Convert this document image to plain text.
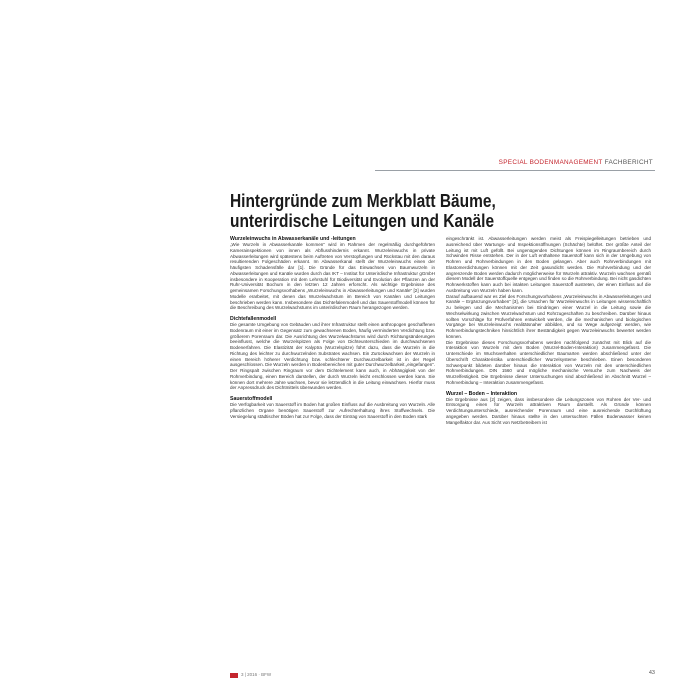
SPECIAL BODENMANAGEMENT FACHBERICHT
Hintergründe zum Merkblatt Bäume,
unterirdische Leitungen und Kanäle
Wurzeleinwuchs in Abwasserkanäle und -leitungen

„Wie Wurzeln in Abwasserkanäle kommen“ wird im Rahmen der regelmäßig durchgeführten Kamerainspektionen von innen als Abflusshindernis erkannt. Wurzeleinwuchs in private Abwasserleitungen wird spätestens beim Auftreten von Verstopfungen und Rückstau mit den daraus resultierenden Folgeschäden erkannt. Im Abwasserkanal stellt der Wurzeleinwuchs einen der häufigsten Schadensfälle dar [1]. Die Gründe für das Einwachsen von Baumwurzeln in Abwasserleitungen und Kanäle wurden durch das IKT – Institut für Unterirdische Infrastruktur gGmbH insbesondere in Kooperation mit dem Lehrstuhl für Biodiversität und Evolution der Pflanzen an der Ruhr-Universität Bochum in den letzten 12 Jahren erforscht. Als wichtige Ergebnisse des gemeinsamen Forschungsvorhabens „Wurzeleinwuchs in Abwasserleitungen und Kanäle“ [2] wurden Modelle erarbeitet, mit denen das Wurzelwachstum im Bereich von Kanälen und Leitungen beschrieben werden kann. Insbesondere das Dichtefalenmodell und das Sauerstoffmodell können für die Beschreibung des Wurzelwachstums im unterirdischen Raum herangezogen werden.

Dichtefallenmodell

Die gesamte Umgebung von Gebäuden und ihrer Infrastruktur stellt einen anthropogen geschaffenen Bodenraum mit einer im Gegensatz zum gewachsenen Boden, häufig verminderten Verdichtung bzw. größerem Porenraum dar. Die Ausrichtung des Wurzelwachstums wird durch Richtungsänderungen beeinflusst, welche die Wurzelspitzen als Folge von Dichteunterschieden im durchwachsenen Bodenerfahren. Die Elastizität der Kalyptra (Wurzelspitze) führt dazu, dass die Wurzeln in die Richtung des leichter zu durchwurzelnden Substrates wachsen. Ein Zurückwachsen der Wurzeln in einen Bereich höherer Verdichtung bzw. schlechterer Durchwurzelbarkeit ist in der Regel ausgeschlossen. Die Wurzeln werden in Bodenbereichen mit guter Durchwurzelbarkeit „eingefangen“. Der Ringspalt zwischen Ringraum vor dem Dichtelement kann auch, in Abhängigkeit von der Rohrverbindung, einen Bereich darstellen, der durch Wurzeln leicht erschlossen werden kann. Sie können dort mehrere Jahre wachsen, bevor sie letztendlich in die Leitung einwachsen. Hierfür muss der Anpressdruck des Dichtmittels überwunden werden.

Sauerstoffmodell

Die Verfügbarkeit von Sauerstoff im Boden hat großen Einfluss auf die Ausbreitung von Wurzeln. Alle pflanzlichen Organe benötigen Sauerstoff zur Aufrechterhaltung ihres Stoffwechsels. Die Versiegelung städtischer Böden hat zur Folge, dass der Eintrag von Sauerstoff in den Boden stark

eingeschränkt ist. Abwasserleitungen werden meist als Freispiegelleitungen betrieben und ausreichend über Wartungs- und Inspektionsöffnungen (Schächte) belüftet. Der größte Anteil der Leitung ist mit Luft gefüllt. Bei ungenügenden Dichtungen können im Ringraumbereich durch Schwinden Risse entstehen. Der in der Luft enthaltene Sauerstoff kann sich in der Umgebung von Rohren und Rohrverbindungen in den Boden gelangen. Aber auch Rohrverbindungen mit Elastomerdichtungen können mit der Zeit gasundicht werden. Die Rohrverbindung und der angrenzende Boden werden dadurch möglicherweise für Wurzeln attraktiv. Wurzeln wachsen gemäß diesem Modell der Sauerstoffquelle entgegen und finden so die Rohrverbindung. Bei nicht gasdichten Rohrwerkstoffen kann auch bei intakten Leitungen Sauerstoff austreten, der einen Einfluss auf die Ausbreitung von Wurzeln haben kann.

Darauf aufbauend war es Ziel des Forschungsvorhabens „Wurzeleinwuchs in Abwasserleitungen und Kanäle – Ergänzungsvorhaben“ [3], die Ursachen für Wurzeleinwuchs in Leitungen wissenschaftlich zu belegen und die Mechanismen bei Eindringen einer Wurzel in die Leitung sowie die Wechselwirkung zwischen Wurzelwachstum und Rohrzugeschaften zu beschreiben. Darüber hinaus sollten Vorschläge für Prüfverfahren entwickelt werden, die die mechanischen und biologischen Vorgänge bei Wurzeleinwuchs realitätsnaher abbilden, und so Wege aufgezeigt werden, wie Rohrverbindungstechniken hinsichtlich ihrer Beständigkeit gegen Wurzeleinwuchs bewertet werden können.

Die Ergebnisse dieses Forschungsvorhabens werden nachfolgend zunächst mit Blick auf die Interaktion von Wurzeln mit dem Boden (Wurzel-Boden-Interaktion) zusammengefasst. Die Unterschiede im Wuchsverhalten unterschiedlicher Baumarten werden abschließend unter der Überschrift Charakteristika unterschiedlicher Wurzelsysteme beschrieben. Einen besonderen Schwerpunkt bildeten darüber hinaus die Interaktion von Wurzeln mit den unterschiedlichen Rohrverbindungen. DIN 1560 und mögliche mechanische Versuche zum Nachweis der Wurzelfestigkeit. Die Ergebnisse dieser Untersuchungen sind abschließend im Abschnitt Wurzel – Rohrverbindung – Interaktion zusammengefasst.

Wurzel – Boden – Interaktion

Die Ergebnisse aus [2] zeigen, dass insbesondere die Leitungszonen von Rohren der Ver- und Entsorgung einen für Wurzeln attraktiven Raum darstellt. Als Gründe können Verdichtungsunterschiede, ausreichender Porenraum und eine ausreichende Durchlüftung angegeben werden. Darüber hinaus stellte in den untersuchten Fällen Bodenwasser keinen Mangelfaktor dar. Aus Sicht von Netzbetreibern ist

3 | 2016 · BFW	43
